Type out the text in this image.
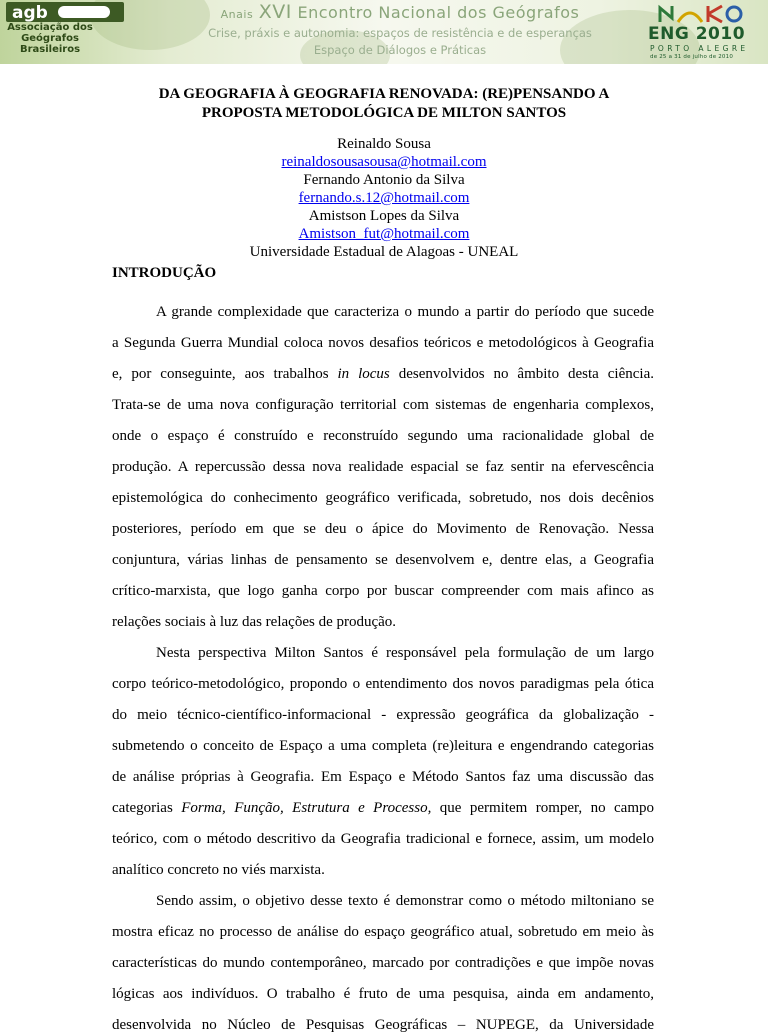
agb
Associação dos
Geógrafos
Brasileiros
Anais XVI Encontro Nacional dos Geógrafos
Crise, práxis e autonomia: espaços de resistência e de esperanças
Espaço de Diálogos e Práticas
ENG 2010
PORTO ALEGRE
de 25 a 31 de julho de 2010
DA GEOGRAFIA À GEOGRAFIA RENOVADA: (RE)PENSANDO A
PROPOSTA METODOLÓGICA DE MILTON SANTOS
Reinaldo Sousa
reinaldosousasousa@hotmail.com
Fernando Antonio da Silva
fernando.s.12@hotmail.com
Amistson Lopes da Silva
Amistson_fut@hotmail.com
Universidade Estadual de Alagoas - UNEAL
INTRODUÇÃO
A grande complexidade que caracteriza o mundo a partir do período que sucede
a Segunda Guerra Mundial coloca novos desafios teóricos e metodológicos à Geografia
e, por conseguinte, aos trabalhos in locus desenvolvidos no âmbito desta ciência.
Trata-se de uma nova configuração territorial com sistemas de engenharia complexos,
onde o espaço é construído e reconstruído segundo uma racionalidade global de
produção. A repercussão dessa nova realidade espacial se faz sentir na efervescência
epistemológica do conhecimento geográfico verificada, sobretudo, nos dois decênios
posteriores, período em que se deu o ápice do Movimento de Renovação. Nessa
conjuntura, várias linhas de pensamento se desenvolvem e, dentre elas, a Geografia
crítico-marxista, que logo ganha corpo por buscar compreender com mais afinco as
relações sociais à luz das relações de produção.
Nesta perspectiva Milton Santos é responsável pela formulação de um largo
corpo teórico-metodológico, propondo o entendimento dos novos paradigmas pela ótica
do meio técnico-científico-informacional - expressão geográfica da globalização -
submetendo o conceito de Espaço a uma completa (re)leitura e engendrando categorias
de análise próprias à Geografia. Em Espaço e Método Santos faz uma discussão das
categorias Forma, Função, Estrutura e Processo, que permitem romper, no campo
teórico, com o método descritivo da Geografia tradicional e fornece, assim, um modelo
analítico concreto no viés marxista.
Sendo assim, o objetivo desse texto é demonstrar como o método miltoniano se
mostra eficaz no processo de análise do espaço geográfico atual, sobretudo em meio às
características do mundo contemporâneo, marcado por contradições e que impõe novas
lógicas aos indivíduos. O trabalho é fruto de uma pesquisa, ainda em andamento,
desenvolvida no Núcleo de Pesquisas Geográficas – NUPEGE, da Universidade
